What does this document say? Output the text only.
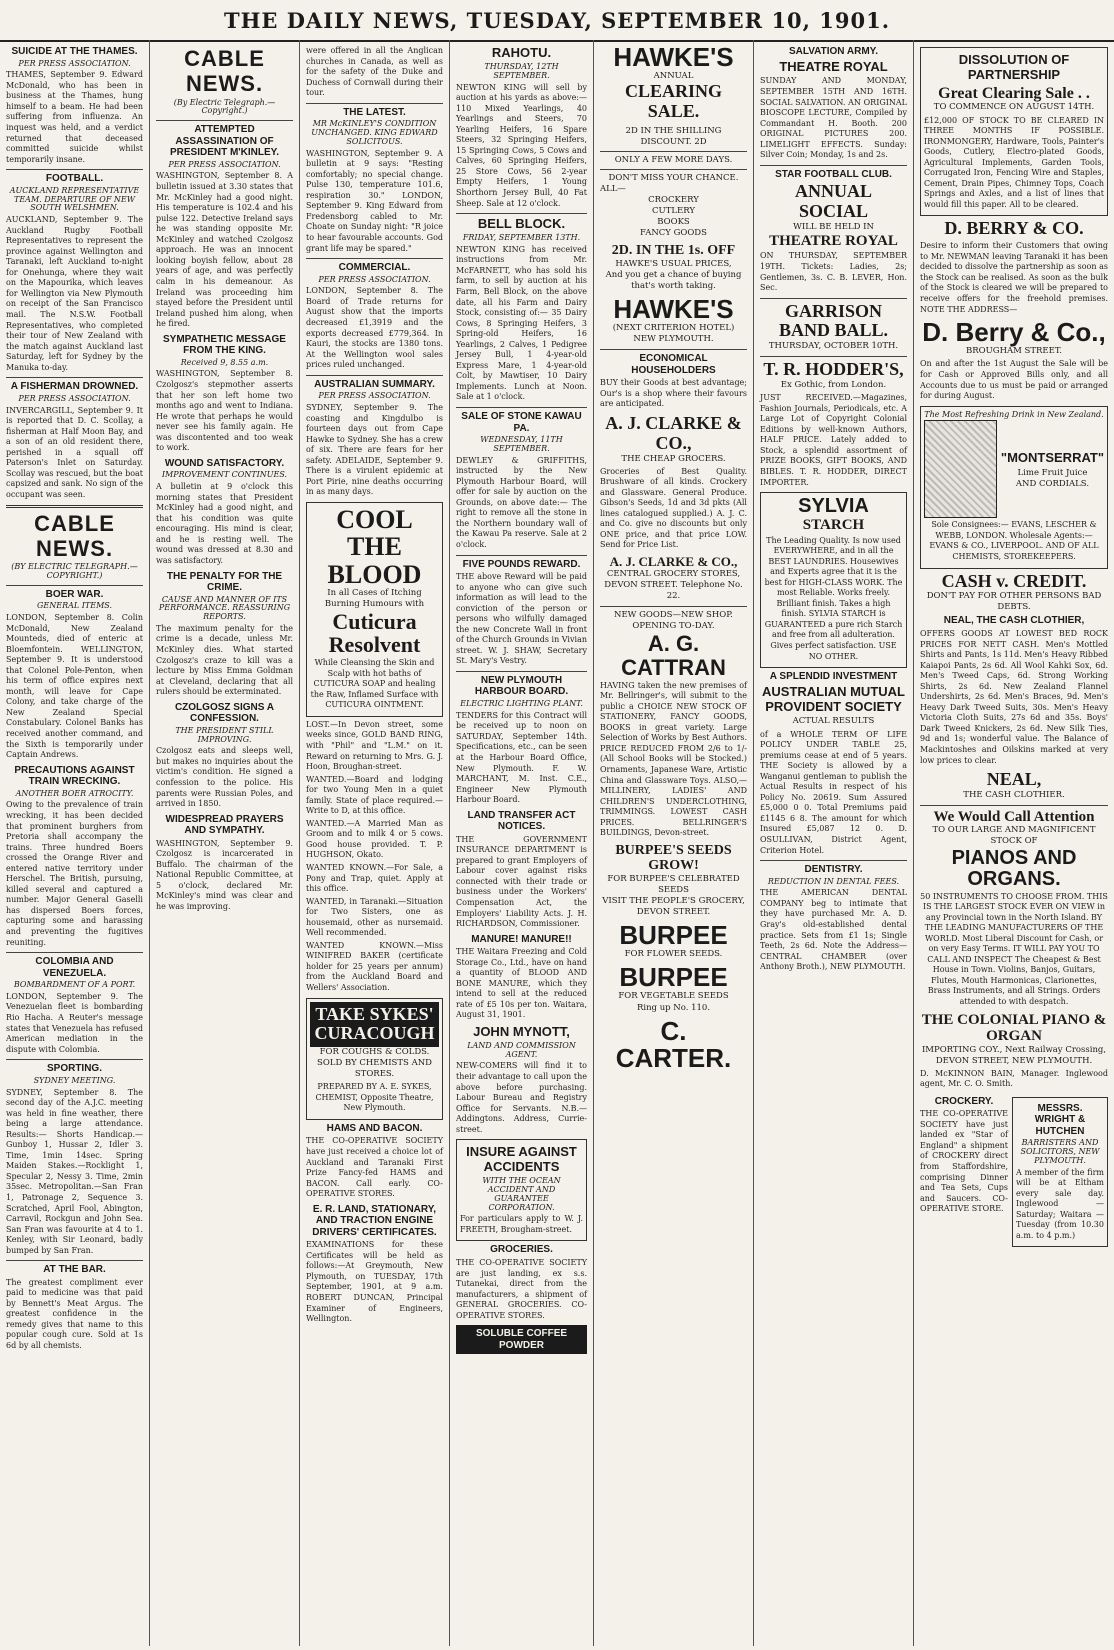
THE DAILY NEWS, TUESDAY, SEPTEMBER 10, 1901.
SUICIDE AT THE THAMES.
PER PRESS ASSOCIATION.
THAMES, September 9. Edward McDonald, who has been in business at the Thames, hung himself to a beam. He had been suffering from influenza. An inquest was held, and a verdict returned that deceased committed suicide whilst temporarily insane.
FOOTBALL.
AUCKLAND REPRESENTATIVE TEAM. DEPARTURE OF NEW SOUTH WELSHMEN.
AUCKLAND, September 9. The Auckland Rugby Football Representatives to represent the province against Wellington and Taranaki, left Auckland to-night for Onehunga, where they wait on the Mapourika, which leaves for Wellington via New Plymouth on receipt of the San Francisco mail. The N.S.W. Football Representatives, who completed their tour of New Zealand with the match against Auckland last Saturday, left for Sydney by the Manuka to-day.
A FISHERMAN DROWNED.
PER PRESS ASSOCIATION.
INVERCARGILL, September 9. It is reported that D. C. Scollay, a fisherman at Half Moon Bay, and a son of an old resident there, perished in a squall off Paterson's Inlet on Saturday. Scollay was rescued, but the boat capsized and sank. No sign of the occupant was seen.
CABLE NEWS.
(BY ELECTRIC TELEGRAPH.—COPYRIGHT.)
BOER WAR.
GENERAL ITEMS.
LONDON, September 8. Colin McDonald, New Zealand Mounteds, died of enteric at Bloemfontein. WELLINGTON, September 9. It is understood that Colonel Pole-Penton, when his term of office expires next month, will leave for Cape Colony, and take charge of the New Zealand Special Constabulary. Colonel Banks has received another command, and the Sixth is temporarily under Captain Andrews.
PRECAUTIONS AGAINST TRAIN WRECKING.
ANOTHER BOER ATROCITY.
Owing to the prevalence of train wrecking, it has been decided that prominent burghers from Pretoria shall accompany the trains. Three hundred Boers crossed the Orange River and entered native territory under Herschel. The British, pursuing, killed several and captured a number. Major General Gaselli has dispersed Boers forces, capturing some and harassing and preventing the fugitives reuniting.
COLOMBIA AND VENEZUELA.
BOMBARDMENT OF A PORT.
LONDON, September 9. The Venezuelan fleet is bombarding Rio Hacha. A Reuter's message states that Venezuela has refused American mediation in the dispute with Colombia.
SPORTING.
SYDNEY MEETING.
SYDNEY, September 8. The second day of the A.J.C. meeting was held in fine weather, there being a large attendance. Results:— Shorts Handicap.—Gunboy 1, Hussar 2, Idler 3. Time, 1min 14sec. Spring Maiden Stakes.—Rocklight 1, Specular 2, Nessy 3. Time, 2min 35sec. Metropolitan.—San Fran 1, Patronage 2, Sequence 3. Scratched, April Fool, Abington, Carravil, Rockgun and John Sea. San Fran was favourite at 4 to 1. Kenley, with Sir Leonard, badly bumped by San Fran.
AT THE BAR.
The greatest compliment ever paid to medicine was that paid by Bennett's Meat Argus. The greatest confidence in the remedy gives that name to this popular cough cure. Sold at 1s 6d by all chemists.
CABLE NEWS.
(By Electric Telegraph.—Copyright.)
ATTEMPTED ASSASSINATION OF PRESIDENT M'KINLEY.
PER PRESS ASSOCIATION.
WASHINGTON, September 8. A bulletin issued at 3.30 states that Mr. McKinley had a good night. His temperature is 102.4 and his pulse 122. Detective Ireland says he was standing opposite Mr. McKinley and watched Czolgosz approach. He was an innocent looking boyish fellow, about 28 years of age, and was perfectly calm in his demeanour. As Ireland was proceeding him stayed before the President until Ireland pushed him along, when he fired.
SYMPATHETIC MESSAGE FROM THE KING.
Received 9, 8.55 a.m.
WASHINGTON, September 8. Czolgosz's stepmother asserts that her son left home two months ago and went to Indiana. He wrote that perhaps he would never see his family again. He was discontented and too weak to work.
WOUND SATISFACTORY.
IMPROVEMENT CONTINUES.
A bulletin at 9 o'clock this morning states that President McKinley had a good night, and that his condition was quite encouraging. His mind is clear, and he is resting well. The wound was dressed at 8.30 and was satisfactory.
THE PENALTY FOR THE CRIME.
CAUSE AND MANNER OF ITS PERFORMANCE. REASSURING REPORTS.
The maximum penalty for the crime is a decade, unless Mr. McKinley dies. What started Czolgosz's craze to kill was a lecture by Miss Emma Goldman at Cleveland, declaring that all rulers should be exterminated.
CZOLGOSZ SIGNS A CONFESSION.
THE PRESIDENT STILL IMPROVING.
Czolgosz eats and sleeps well, but makes no inquiries about the victim's condition. He signed a confession to the police. His parents were Russian Poles, and arrived in 1850.
WIDESPREAD PRAYERS AND SYMPATHY.
WASHINGTON, September 9. Czolgosz is incarcerated in Buffalo. The chairman of the National Republic Committee, at 5 o'clock, declared Mr. McKinley's mind was clear and he was improving.
were offered in all the Anglican churches in Canada, as well as for the safety of the Duke and Duchess of Cornwall during their tour.
THE LATEST.
MR McKINLEY'S CONDITION UNCHANGED. KING EDWARD SOLICITOUS.
WASHINGTON, September 9. A bulletin at 9 says: "Resting comfortably; no special change. Pulse 130, temperature 101.6, respiration 30." LONDON, September 9. King Edward from Fredensborg cabled to Mr. Choate on Sunday night: "R joice to hear favourable accounts. God grant life may be spared."
COMMERCIAL.
PER PRESS ASSOCIATION.
LONDON, September 8. The Board of Trade returns for August show that the imports decreased £1,3919 and the exports decreased £779,364. In Kauri, the stocks are 1380 tons. At the Wellington wool sales prices ruled unchanged.
AUSTRALIAN SUMMARY.
PER PRESS ASSOCIATION.
SYDNEY, September 9. The coasting and Kingdulbo is fourteen days out from Cape Hawke to Sydney. She has a crew of six. There are fears for her safety. ADELAIDE, September 9. There is a virulent epidemic at Port Pirie, nine deaths occurring in as many days.
COOL THE BLOOD
In all Cases of Itching Burning Humours with
Cuticura Resolvent
While Cleansing the Skin and Scalp with hot baths of CUTICURA SOAP and healing the Raw, Inflamed Surface with CUTICURA OINTMENT.
LOST.—In Devon street, some weeks since, GOLD BAND RING, with "Phil" and "L.M." on it. Reward on returning to Mrs. G. J. Hoon, Broughan-street.
WANTED.—Board and lodging for two Young Men in a quiet family. State of place required.—Write to D, at this office.
WANTED.—A Married Man as Groom and to milk 4 or 5 cows. Good house provided. T. P. HUGHSON, Okato.
WANTED KNOWN.—For Sale, a Pony and Trap, quiet. Apply at this office.
WANTED, in Taranaki.—Situation for Two Sisters, one as housemaid, other as nursemaid. Well recommended.
WANTED KNOWN.—Miss WINIFRED BAKER (certificate holder for 25 years per annum) from the Auckland Board and Wellers' Association.
TAKE SYKES' CURACOUGH
FOR COUGHS & COLDS.
SOLD BY CHEMISTS AND STORES.
PREPARED BY A. E. SYKES, CHEMIST, Opposite Theatre, New Plymouth.
HAMS AND BACON.
THE CO-OPERATIVE SOCIETY have just received a choice lot of Auckland and Taranaki First Prize Fancy-fed HAMS and BACON. Call early. CO-OPERATIVE STORES.
E. R. LAND, STATIONARY, AND TRACTION ENGINE DRIVERS' CERTIFICATES.
EXAMINATIONS for these Certificates will be held as follows:—At Greymouth, New Plymouth, on TUESDAY, 17th September, 1901, at 9 a.m. ROBERT DUNCAN, Principal Examiner of Engineers, Wellington.
RAHOTU.
THURSDAY, 12TH SEPTEMBER.
NEWTON KING will sell by auction at his yards as above:— 110 Mixed Yearlings, 40 Yearlings and Steers, 70 Yearling Heifers, 16 Spare Steers, 32 Springing Heifers, 15 Springing Cows, 5 Cows and Calves, 60 Springing Heifers, 25 Store Cows, 56 2-year Empty Heifers, 1 Young Shorthorn Jersey Bull, 40 Fat Sheep. Sale at 12 o'clock.
BELL BLOCK.
FRIDAY, SEPTEMBER 13TH.
NEWTON KING has received instructions from Mr. McFARNETT, who has sold his farm, to sell by auction at his Farm, Bell Block, on the above date, all his Farm and Dairy Stock, consisting of:— 35 Dairy Cows, 8 Springing Heifers, 3 Spring-old Heifers, 16 Yearlings, 2 Calves, 1 Pedigree Jersey Bull, 1 4-year-old Express Mare, 1 4-year-old Colt, by Mawtiser, 10 Dairy Implements. Lunch at Noon. Sale at 1 o'clock.
SALE OF STONE KAWAU PA.
WEDNESDAY, 11TH SEPTEMBER.
DEWLEY & GRIFFITHS, instructed by the New Plymouth Harbour Board, will offer for sale by auction on the Grounds, on above date:— The right to remove all the stone in the Northern boundary wall of the Kawau Pa reserve. Sale at 2 o'clock.
FIVE POUNDS REWARD.
THE above Reward will be paid to anyone who can give such information as will lead to the conviction of the person or persons who wilfully damaged the new Concrete Wall in front of the Church Grounds in Vivian street. W. J. SHAW, Secretary St. Mary's Vestry.
NEW PLYMOUTH HARBOUR BOARD.
ELECTRIC LIGHTING PLANT.
TENDERS for this Contract will be received up to noon on SATURDAY, September 14th. Specifications, etc., can be seen at the Harbour Board Office, New Plymouth. F. W. MARCHANT, M. Inst. C.E., Engineer New Plymouth Harbour Board.
LAND TRANSFER ACT NOTICES.
THE GOVERNMENT INSURANCE DEPARTMENT is prepared to grant Employers of Labour cover against risks connected with their trade or business under the Workers' Compensation Act, the Employers' Liability Acts. J. H. RICHARDSON, Commissioner.
MANURE! MANURE!!
THE Waitara Freezing and Cold Storage Co., Ltd., have on hand a quantity of BLOOD AND BONE MANURE, which they intend to sell at the reduced rate of £5 10s per ton. Waitara, August 31, 1901.
JOHN MYNOTT,
LAND AND COMMISSION AGENT.
NEW-COMERS will find it to their advantage to call upon the above before purchasing. Labour Bureau and Registry Office for Servants. N.B.—Addingtons. Address, Currie-street.
INSURE AGAINST ACCIDENTS
WITH THE OCEAN ACCIDENT AND GUARANTEE CORPORATION.
For particulars apply to W. J. FREETH, Brougham-street.
GROCERIES.
THE CO-OPERATIVE SOCIETY are just landing, ex s.s. Tutanekai, direct from the manufacturers, a shipment of GENERAL GROCERIES. CO-OPERATIVE STORES.
SOLUBLE COFFEE POWDER
HAWKE'S
ANNUAL
CLEARING SALE.
2D IN THE SHILLING DISCOUNT. 2D
ONLY A FEW MORE DAYS.
DON'T MISS YOUR CHANCE.
ALL—
CROCKERY
CUTLERY
BOOKS
FANCY GOODS
2D. IN THE 1s. OFF
HAWKE'S USUAL PRICES,
And you get a chance of buying that's worth taking.
HAWKE'S
(NEXT CRITERION HOTEL)
NEW PLYMOUTH.
ECONOMICAL HOUSEHOLDERS
BUY their Goods at best advantage; Our's is a shop where their favours are anticipated.
A. J. CLARKE & CO.,
THE CHEAP GROCERS.
Groceries of Best Quality. Brushware of all kinds. Crockery and Glassware. General Produce. Gibson's Seeds, 1d and 3d pkts (All lines catalogued supplied.) A. J. C. and Co. give no discounts but only ONE price, and that price LOW. Send for Price List.
A. J. CLARKE & CO.,
CENTRAL GROCERY STORES,
DEVON STREET. Telephone No. 22.
NEW GOODS—NEW SHOP.
OPENING TO-DAY.
A. G. CATTRAN
HAVING taken the new premises of Mr. Bellringer's, will submit to the public a CHOICE NEW STOCK OF STATIONERY, FANCY GOODS, BOOKS in great variety. Large Selection of Works by Best Authors. PRICE REDUCED FROM 2/6 to 1/- (All School Books will be Stocked.) Ornaments, Japanese Ware, Artistic China and Glassware Toys. ALSO,— MILLINERY, LADIES' AND CHILDREN'S UNDERCLOTHING, TRIMMINGS. LOWEST CASH PRICES. BELLRINGER'S BUILDINGS, Devon-street.
BURPEE'S SEEDS GROW!
FOR BURPEE'S CELEBRATED SEEDS
VISIT THE PEOPLE'S GROCERY, DEVON STREET.
BURPEE
FOR FLOWER SEEDS.
BURPEE
FOR VEGETABLE SEEDS
Ring up No. 110.
C. CARTER.
SALVATION ARMY.
THEATRE ROYAL
SUNDAY AND MONDAY, SEPTEMBER 15TH AND 16TH. SOCIAL SALVATION. AN ORIGINAL BIOSCOPE LECTURE, Compiled by Commandant H. Booth. 200 ORIGINAL PICTURES 200. LIMELIGHT EFFECTS. Sunday: Silver Coin; Monday, 1s and 2s.
STAR FOOTBALL CLUB.
ANNUAL SOCIAL
WILL BE HELD IN
THEATRE ROYAL
ON THURSDAY, SEPTEMBER 19TH. Tickets: Ladies, 2s; Gentlemen, 3s. C. B. LEVER, Hon. Sec.
GARRISON BAND BALL.
THURSDAY, OCTOBER 10TH.
T. R. HODDER'S,
Ex Gothic, from London.
JUST RECEIVED.—Magazines, Fashion Journals, Periodicals, etc. A Large Lot of Copyright Colonial Editions by well-known Authors, HALF PRICE. Lately added to Stock, a splendid assortment of PRIZE BOOKS, GIFT BOOKS, AND BIBLES. T. R. HODDER, DIRECT IMPORTER.
SYLVIA
STARCH
The Leading Quality. Is now used EVERYWHERE, and in all the BEST LAUNDRIES. Housewives and Experts agree that it is the best for HIGH-CLASS WORK. The most Reliable. Works freely. Brilliant finish. Takes a high finish. SYLVIA STARCH is GUARANTEED a pure rich Starch and free from all adulteration. Gives perfect satisfaction. USE NO OTHER.
A SPLENDID INVESTMENT
AUSTRALIAN MUTUAL PROVIDENT SOCIETY
ACTUAL RESULTS
of a WHOLE TERM OF LIFE POLICY UNDER TABLE 25, premiums cease at end of 5 years. THE Society is allowed by a Wanganui gentleman to publish the Actual Results in respect of his Policy No. 20619. Sum Assured £5,000 0 0. Total Premiums paid £1145 6 8. The amount for which Insured £5,087 12 0. D. OSULLIVAN, District Agent, Criterion Hotel.
DENTISTRY.
REDUCTION IN DENTAL FEES.
THE AMERICAN DENTAL COMPANY beg to intimate that they have purchased Mr. A. D. Gray's old-established dental practice. Sets from £1 1s; Single Teeth, 2s 6d. Note the Address— CENTRAL CHAMBER (over Anthony Broth.), NEW PLYMOUTH.
DISSOLUTION OF PARTNERSHIP
Great Clearing Sale . .
TO COMMENCE ON AUGUST 14TH.
£12,000 OF STOCK TO BE CLEARED IN THREE MONTHS IF POSSIBLE. IRONMONGERY, Hardware, Tools, Painter's Goods, Cutlery, Electro-plated Goods, Agricultural Implements, Garden Tools, Corrugated Iron, Fencing Wire and Staples, Cement, Drain Pipes, Chimney Tops, Coach Springs and Axles, and a list of lines that would fill this paper. All to be cleared.
D. BERRY & CO.
Desire to inform their Customers that owing to Mr. NEWMAN leaving Taranaki it has been decided to dissolve the partnership as soon as the Stock can be realised. As soon as the bulk of the Stock is cleared we will be prepared to receive offers for the freehold premises. NOTE THE ADDRESS—
D. Berry & Co.,
BROUGHAM STREET.
On and after the 1st August the Sale will be for Cash or Approved Bills only, and all Accounts due to us must be paid or arranged for during August.
The Most Refreshing Drink in New Zealand.
"MONTSERRAT"
Lime Fruit Juice
AND CORDIALS.
Sole Consignees:— EVANS, LESCHER & WEBB, LONDON. Wholesale Agents:— EVANS & CO., LIVERPOOL. AND OF ALL CHEMISTS, STOREKEEPERS.
CASH v. CREDIT.
DON'T PAY FOR OTHER PERSONS BAD DEBTS.
NEAL, THE CASH CLOTHIER,
OFFERS GOODS AT LOWEST BED ROCK PRICES FOR NETT CASH. Men's Mottled Shirts and Pants, 1s 11d. Men's Heavy Ribbed Kaiapoi Pants, 2s 6d. All Wool Kahki Sox, 6d. Men's Tweed Caps, 6d. Strong Working Shirts, 2s 6d. New Zealand Flannel Undershirts, 2s 6d. Men's Braces, 9d. Men's Heavy Dark Tweed Suits, 30s. Men's Heavy Victoria Cloth Suits, 27s 6d and 35s. Boys' Dark Tweed Knickers, 2s 6d. New Silk Ties, 9d and 1s; wonderful value. The Balance of Mackintoshes and Oilskins marked at very low prices to clear.
NEAL,
THE CASH CLOTHIER.
We Would Call Attention
TO OUR LARGE AND MAGNIFICENT STOCK OF
PIANOS AND ORGANS.
50 INSTRUMENTS TO CHOOSE FROM. THIS IS THE LARGEST STOCK EVER ON VIEW in any Provincial town in the North Island. BY THE LEADING MANUFACTURERS OF THE WORLD. Most Liberal Discount for Cash, or on very Easy Terms. IT WILL PAY YOU TO CALL AND INSPECT The Cheapest & Best House in Town. Violins, Banjos, Guitars, Flutes, Mouth Harmonicas, Clarionettes, Brass Instruments, and all Strings. Orders attended to with despatch.
THE COLONIAL PIANO & ORGAN
IMPORTING COY., Next Railway Crossing,
DEVON STREET, NEW PLYMOUTH.
D. McKINNON BAIN, Manager. Inglewood agent, Mr. C. O. Smith.
CROCKERY.
THE CO-OPERATIVE SOCIETY have just landed ex "Star of England" a shipment of CROCKERY direct from Staffordshire, comprising Dinner and Tea Sets, Cups and Saucers. CO-OPERATIVE STORE.
MESSRS. WRIGHT & HUTCHEN
BARRISTERS AND SOLICITORS, NEW PLYMOUTH.
A member of the firm will be at Eltham every sale day. Inglewood — Saturday; Waitara — Tuesday (from 10.30 a.m. to 4 p.m.)
